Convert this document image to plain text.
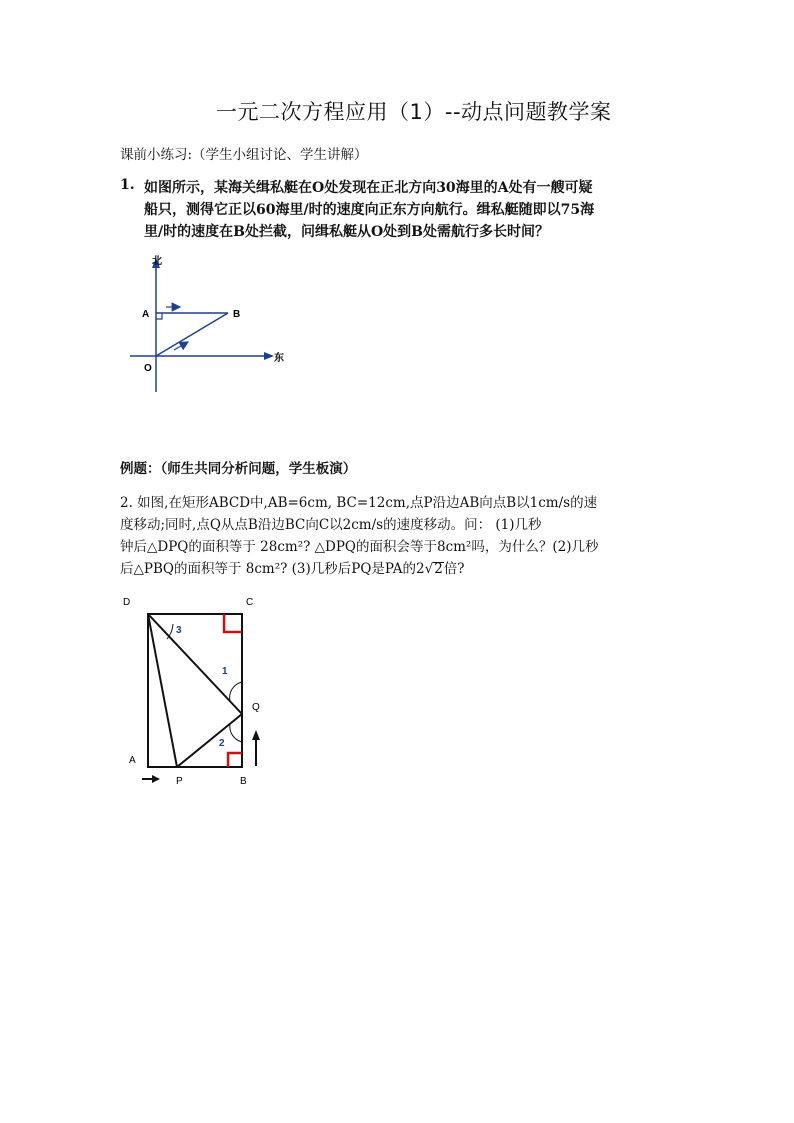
一元二次方程应用（1）--动点问题教学案
课前小练习:（学生小组讨论、学生讲解）
1. 如图所示，某海关缉私艇在O处发现在正北方向30海里的A处有一艘可疑
船只，测得它正以60海里/时的速度向正东方向航行。缉私艇随即以75海
里/时的速度在B处拦截，问缉私艇从O处到B处需航行多长时间？
北
东
A	B
O
例题：（师生共同分析问题，学生板演）
2. 如图,在矩形ABCD中,AB=6cm, BC=12cm,点P沿边AB向点B以1cm/s的速
度移动;同时,点Q从点B沿边BC向C以2cm/s的速度移动。问： (1)几秒
钟后△DPQ的面积等于 28cm²? △DPQ的面积会等于8cm²吗，为什么？(2)几秒
后△PBQ的面积等于 8cm²? (3)几秒后PQ是PA的2√2倍?
3
1
2
D	C
A
B
P
Q
